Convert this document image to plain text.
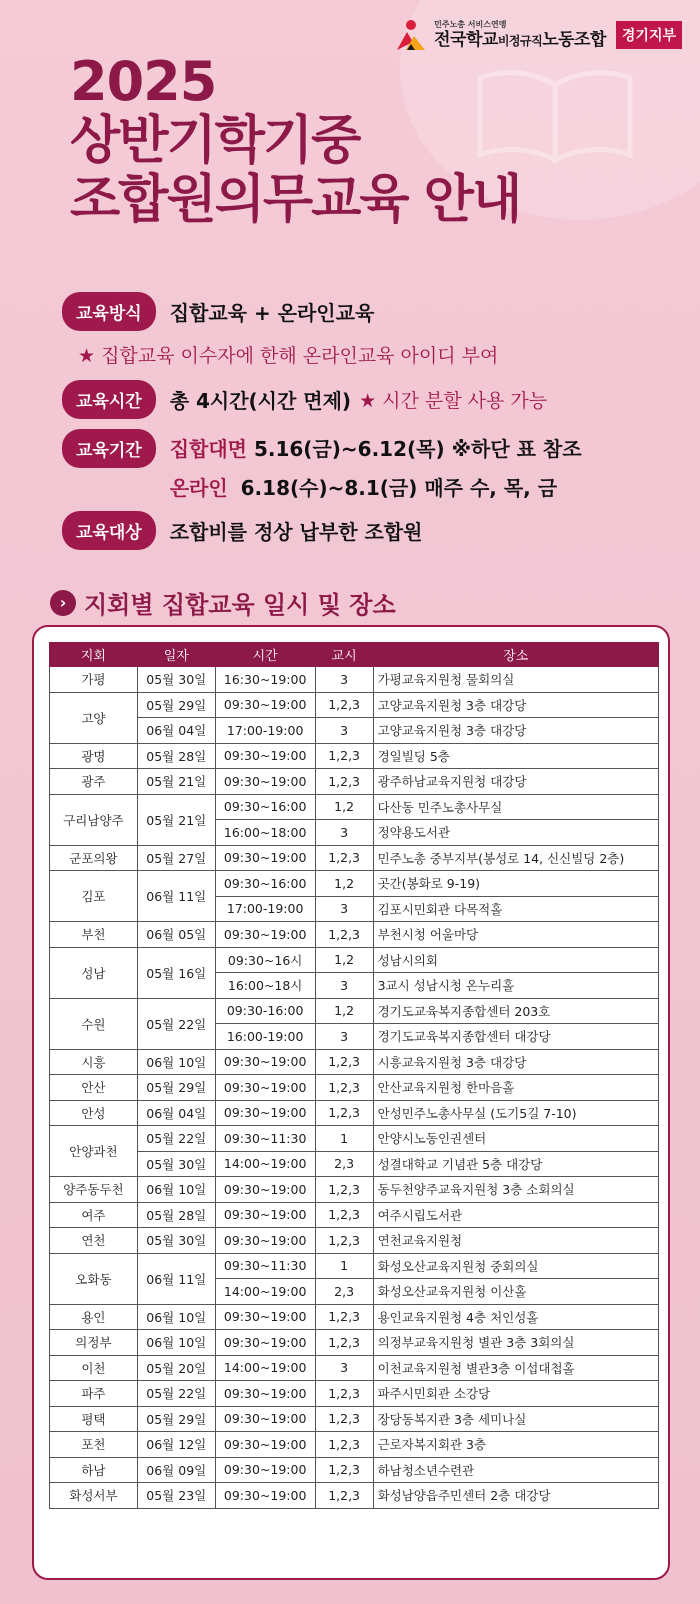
민주노총 서비스연맹
전국학교비정규직노동조합	경기지부
2025
상반기학기중
조합원의무교육 안내
교육방식	집합교육 + 온라인교육
★ 집합교육 이수자에 한해 온라인교육 아이디 부여
교육시간	총 4시간(시간 면제) ★ 시간 분할 사용 가능
교육기간	집합대면 5.16(금)~6.12(목) ※하단 표 참조
온라인 6.18(수)~8.1(금) 매주 수, 목, 금
교육대상	조합비를 정상 납부한 조합원
› 지회별 집합교육 일시 및 장소
지회	일자	시간	교시	장소
가평	05월 30일	16:30~19:00	3	가평교육지원청 물회의실
고양	05월 29일	09:30~19:00	1,2,3	고양교육지원청 3층 대강당
	06월 04일	17:00-19:00	3	고양교육지원청 3층 대강당
광명	05월 28일	09:30~19:00	1,2,3	경일빌딩 5층
광주	05월 21일	09:30~19:00	1,2,3	광주하남교육지원청 대강당
구리남양주	05월 21일	09:30~16:00	1,2	다산동 민주노총사무실
		16:00~18:00	3	정약용도서관
군포의왕	05월 27일	09:30~19:00	1,2,3	민주노총 중부지부(봉성로 14, 신신빌딩 2층)
김포	06월 11일	09:30~16:00	1,2	곳간(봉화로 9-19)
		17:00-19:00	3	김포시민회관 다목적홀
부천	06월 05일	09:30~19:00	1,2,3	부천시청 어울마당
성남	05월 16일	09:30~16시	1,2	성남시의회
		16:00~18시	3	3교시 성남시청 온누리홀
수원	05월 22일	09:30-16:00	1,2	경기도교육복지종합센터 203호
		16:00-19:00	3	경기도교육복지종합센터 대강당
시흥	06월 10일	09:30~19:00	1,2,3	시흥교육지원청 3층 대강당
안산	05월 29일	09:30~19:00	1,2,3	안산교육지원청 한마음홀
안성	06월 04일	09:30~19:00	1,2,3	안성민주노총사무실 (도기5길 7-10)
안양과천	05월 22일	09:30~11:30	1	안양시노동인권센터
	05월 30일	14:00~19:00	2,3	성결대학교 기념관 5층 대강당
양주동두천	06월 10일	09:30~19:00	1,2,3	동두천양주교육지원청 3층 소회의실
여주	05월 28일	09:30~19:00	1,2,3	여주시립도서관
연천	05월 30일	09:30~19:00	1,2,3	연천교육지원청
오화동	06월 11일	09:30~11:30	1	화성오산교육지원청 중회의실
		14:00~19:00	2,3	화성오산교육지원청 이산홀
용인	06월 10일	09:30~19:00	1,2,3	용인교육지원청 4층 처인성홀
의정부	06월 10일	09:30~19:00	1,2,3	의정부교육지원청 별관 3층 3회의실
이천	05월 20일	14:00~19:00	3	이천교육지원청 별관3층 이섭대첩홀
파주	05월 22일	09:30~19:00	1,2,3	파주시민회관 소강당
평택	05월 29일	09:30~19:00	1,2,3	장당동복지관 3층 세미나실
포천	06월 12일	09:30~19:00	1,2,3	근로자복지회관 3층
하남	06월 09일	09:30~19:00	1,2,3	하남청소년수련관
화성서부	05월 23일	09:30~19:00	1,2,3	화성남양읍주민센터 2층 대강당
